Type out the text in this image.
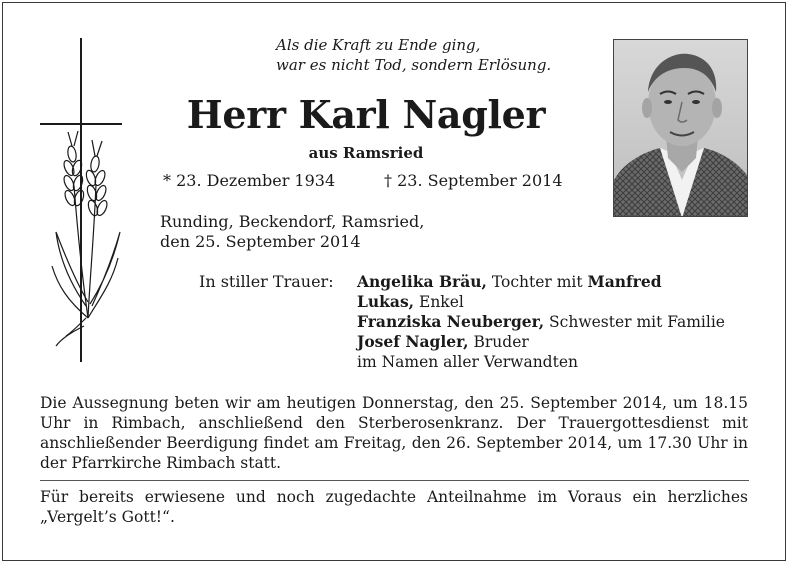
Als die Kraft zu Ende ging,
war es nicht Tod, sondern Erlösung.
Herr Karl Nagler
aus Ramsried
* 23. Dezember 1934	† 23. September 2014
Runding, Beckendorf, Ramsried,
den 25. September 2014
In stiller Trauer: Angelika Bräu, Tochter mit Manfred
Lukas, Enkel
Franziska Neuberger, Schwester mit Familie
Josef Nagler, Bruder
im Namen aller Verwandten
Die Aussegnung beten wir am heutigen Donnerstag, den 25. September 2014, um 18.15 Uhr in Rimbach, anschließend den Sterberosenkranz. Der Trauergottesdienst mit anschließender Beerdigung findet am Freitag, den 26. September 2014, um 17.30 Uhr in der Pfarrkirche Rimbach statt.
Für bereits erwiesene und noch zugedachte Anteilnahme im Voraus ein herzliches „Vergelt’s Gott!“.
